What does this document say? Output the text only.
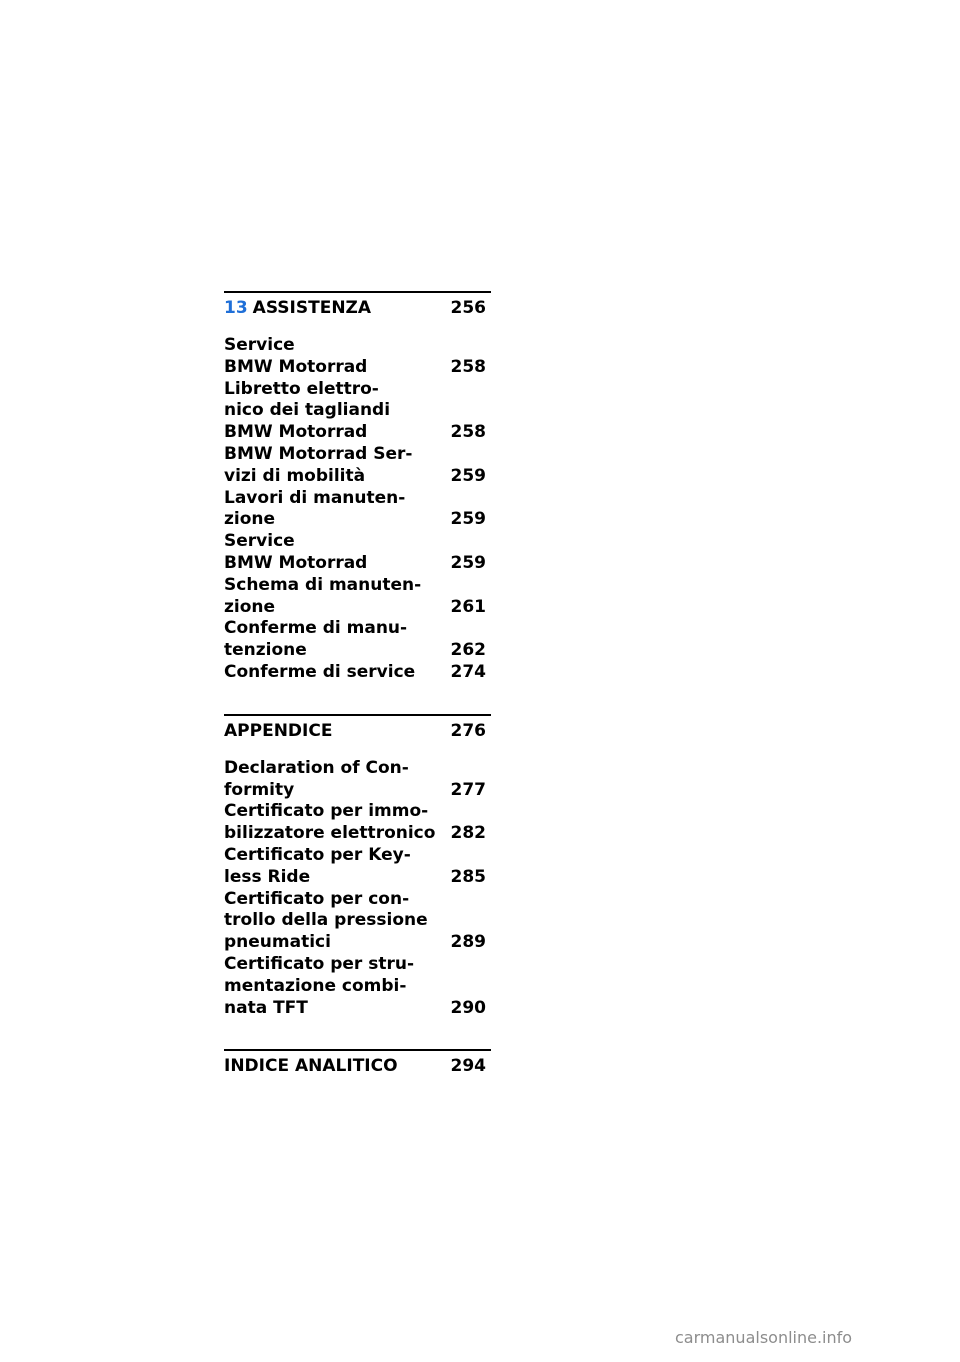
13 ASSISTENZA	256
Service
BMW Motorrad	258
Libretto elettro-
nico dei tagliandi
BMW Motorrad	258
BMW Motorrad Ser-
vizi di mobilità	259
Lavori di manuten-
zione	259
Service
BMW Motorrad	259
Schema di manuten-
zione	261
Conferme di manu-
tenzione	262
Conferme di service	274
APPENDICE	276
Declaration of Con-
formity	277
Certificato per immo-
bilizzatore elettronico 282
Certificato per Key-
less Ride	285
Certificato per con-
trollo della pressione
pneumatici	289
Certificato per stru-
mentazione combi-
nata TFT	290
INDICE ANALITICO	294
carmanualsonline.info
